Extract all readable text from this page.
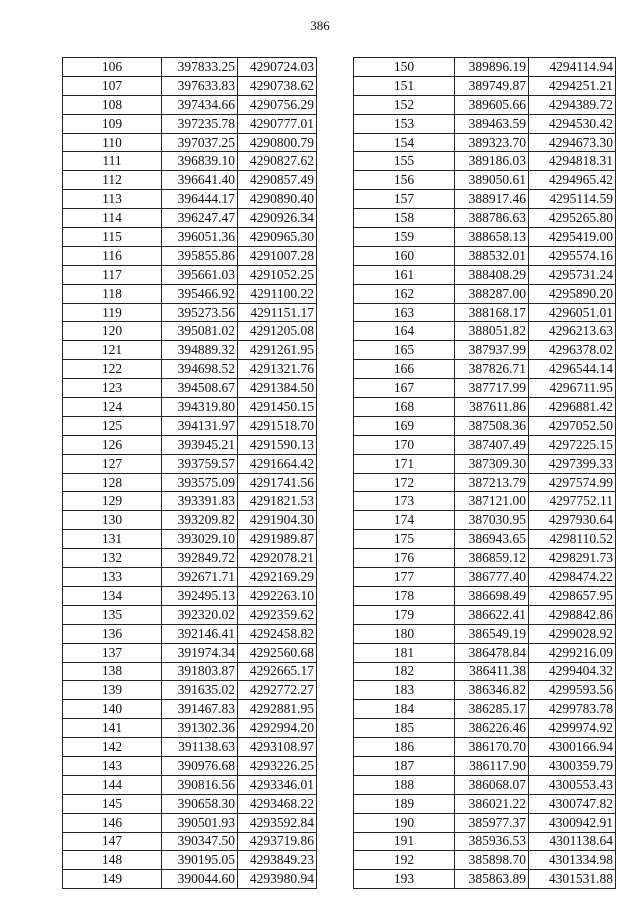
386
106	397833.25	4290724.03
107	397633.83	4290738.62
108	397434.66	4290756.29
109	397235.78	4290777.01
110	397037.25	4290800.79
111	396839.10	4290827.62
112	396641.40	4290857.49
113	396444.17	4290890.40
114	396247.47	4290926.34
115	396051.36	4290965.30
116	395855.86	4291007.28
117	395661.03	4291052.25
118	395466.92	4291100.22
119	395273.56	4291151.17
120	395081.02	4291205.08
121	394889.32	4291261.95
122	394698.52	4291321.76
123	394508.67	4291384.50
124	394319.80	4291450.15
125	394131.97	4291518.70
126	393945.21	4291590.13
127	393759.57	4291664.42
128	393575.09	4291741.56
129	393391.83	4291821.53
130	393209.82	4291904.30
131	393029.10	4291989.87
132	392849.72	4292078.21
133	392671.71	4292169.29
134	392495.13	4292263.10
135	392320.02	4292359.62
136	392146.41	4292458.82
137	391974.34	4292560.68
138	391803.87	4292665.17
139	391635.02	4292772.27
140	391467.83	4292881.95
141	391302.36	4292994.20
142	391138.63	4293108.97
143	390976.68	4293226.25
144	390816.56	4293346.01
145	390658.30	4293468.22
146	390501.93	4293592.84
147	390347.50	4293719.86
148	390195.05	4293849.23
149	390044.60	4293980.94
150	389896.19	4294114.94
151	389749.87	4294251.21
152	389605.66	4294389.72
153	389463.59	4294530.42
154	389323.70	4294673.30
155	389186.03	4294818.31
156	389050.61	4294965.42
157	388917.46	4295114.59
158	388786.63	4295265.80
159	388658.13	4295419.00
160	388532.01	4295574.16
161	388408.29	4295731.24
162	388287.00	4295890.20
163	388168.17	4296051.01
164	388051.82	4296213.63
165	387937.99	4296378.02
166	387826.71	4296544.14
167	387717.99	4296711.95
168	387611.86	4296881.42
169	387508.36	4297052.50
170	387407.49	4297225.15
171	387309.30	4297399.33
172	387213.79	4297574.99
173	387121.00	4297752.11
174	387030.95	4297930.64
175	386943.65	4298110.52
176	386859.12	4298291.73
177	386777.40	4298474.22
178	386698.49	4298657.95
179	386622.41	4298842.86
180	386549.19	4299028.92
181	386478.84	4299216.09
182	386411.38	4299404.32
183	386346.82	4299593.56
184	386285.17	4299783.78
185	386226.46	4299974.92
186	386170.70	4300166.94
187	386117.90	4300359.79
188	386068.07	4300553.43
189	386021.22	4300747.82
190	385977.37	4300942.91
191	385936.53	4301138.64
192	385898.70	4301334.98
193	385863.89	4301531.88
